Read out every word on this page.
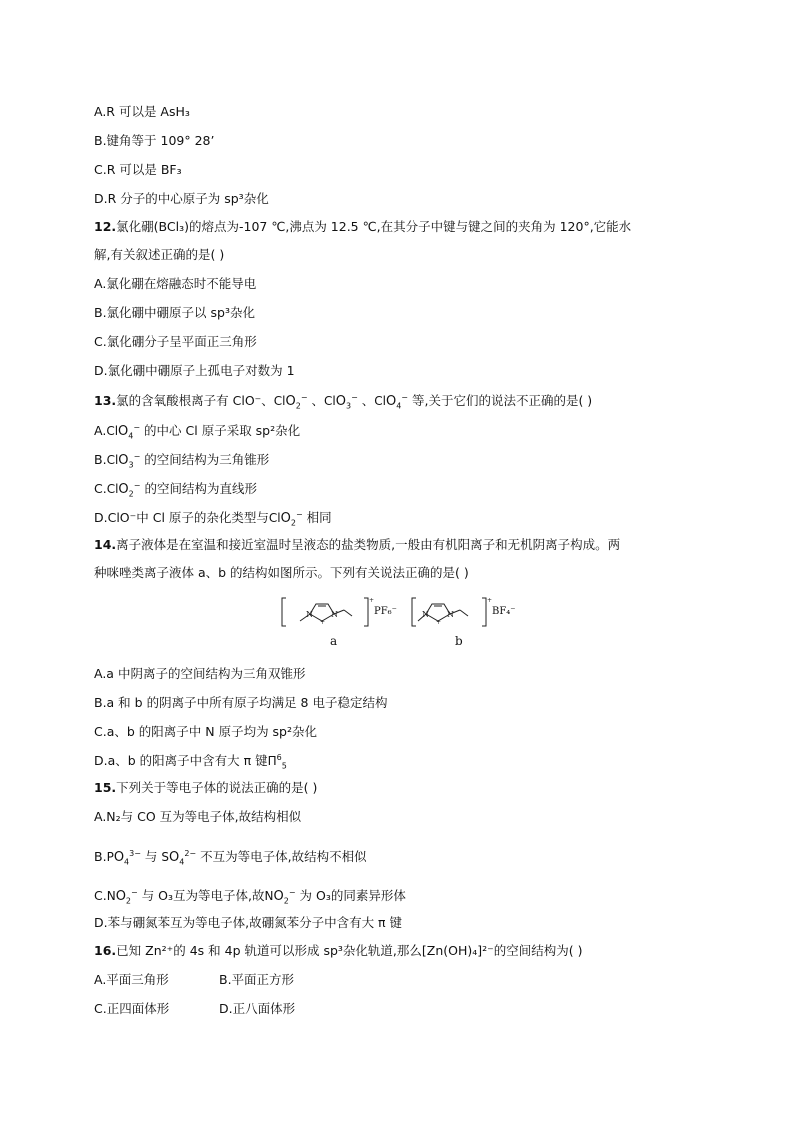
A.R 可以是 AsH₃
B.键角等于 109° 28’
C.R 可以是 BF₃
D.R 分子的中心原子为 sp³杂化
12.氯化硼(BCl₃)的熔点为-107 ℃,沸点为 12.5 ℃,在其分子中键与键之间的夹角为 120°,它能水
解,有关叙述正确的是( )
A.氯化硼在熔融态时不能导电
B.氯化硼中硼原子以 sp³杂化
C.氯化硼分子呈平面正三角形
D.氯化硼中硼原子上孤电子对数为 1
13.氯的含氧酸根离子有 ClO⁻、ClO$_2$− 、ClO$_3$− 、ClO$_4$− 等,关于它们的说法不正确的是( )
A.ClO$_4$− 的中心 Cl 原子采取 sp²杂化
B.ClO$_3$− 的空间结构为三角锥形
C.ClO$_2$− 的空间结构为直线形
D.ClO⁻中 Cl 原子的杂化类型与ClO$_2$− 相同
14.离子液体是在室温和接近室温时呈液态的盐类物质,一般由有机阳离子和无机阴离子构成。两
种咪唑类离子液体 a、b 的结构如图所示。下列有关说法正确的是( )
N N
+
+
N N
+
+
PF₆⁻	BF₄⁻
a	b
A.a 中阴离子的空间结构为三角双锥形
B.a 和 b 的阴离子中所有原子均满足 8 电子稳定结构
C.a、b 的阳离子中 N 原子均为 sp²杂化
D.a、b 的阳离子中含有大 π 键$\Pi^6_5$
15.下列关于等电子体的说法正确的是( )
A.N₂与 CO 互为等电子体,故结构相似
$B.PO_4^{3-}$ 与 $SO_4^{2-}$ 不互为等电子体,故结构不相似
$C.NO_2^-$ 与 O₃互为等电子体,故$NO_2^-$ 为 O₃的同素异形体
D.苯与硼氮苯互为等电子体,故硼氮苯分子中含有大 π 键
16.已知 Zn²⁺的 4s 和 4p 轨道可以形成 sp³杂化轨道,那么[Zn(OH)₄]²⁻的空间结构为( )
A.平面三角形	B.平面正方形
C.正四面体形	D.正八面体形
